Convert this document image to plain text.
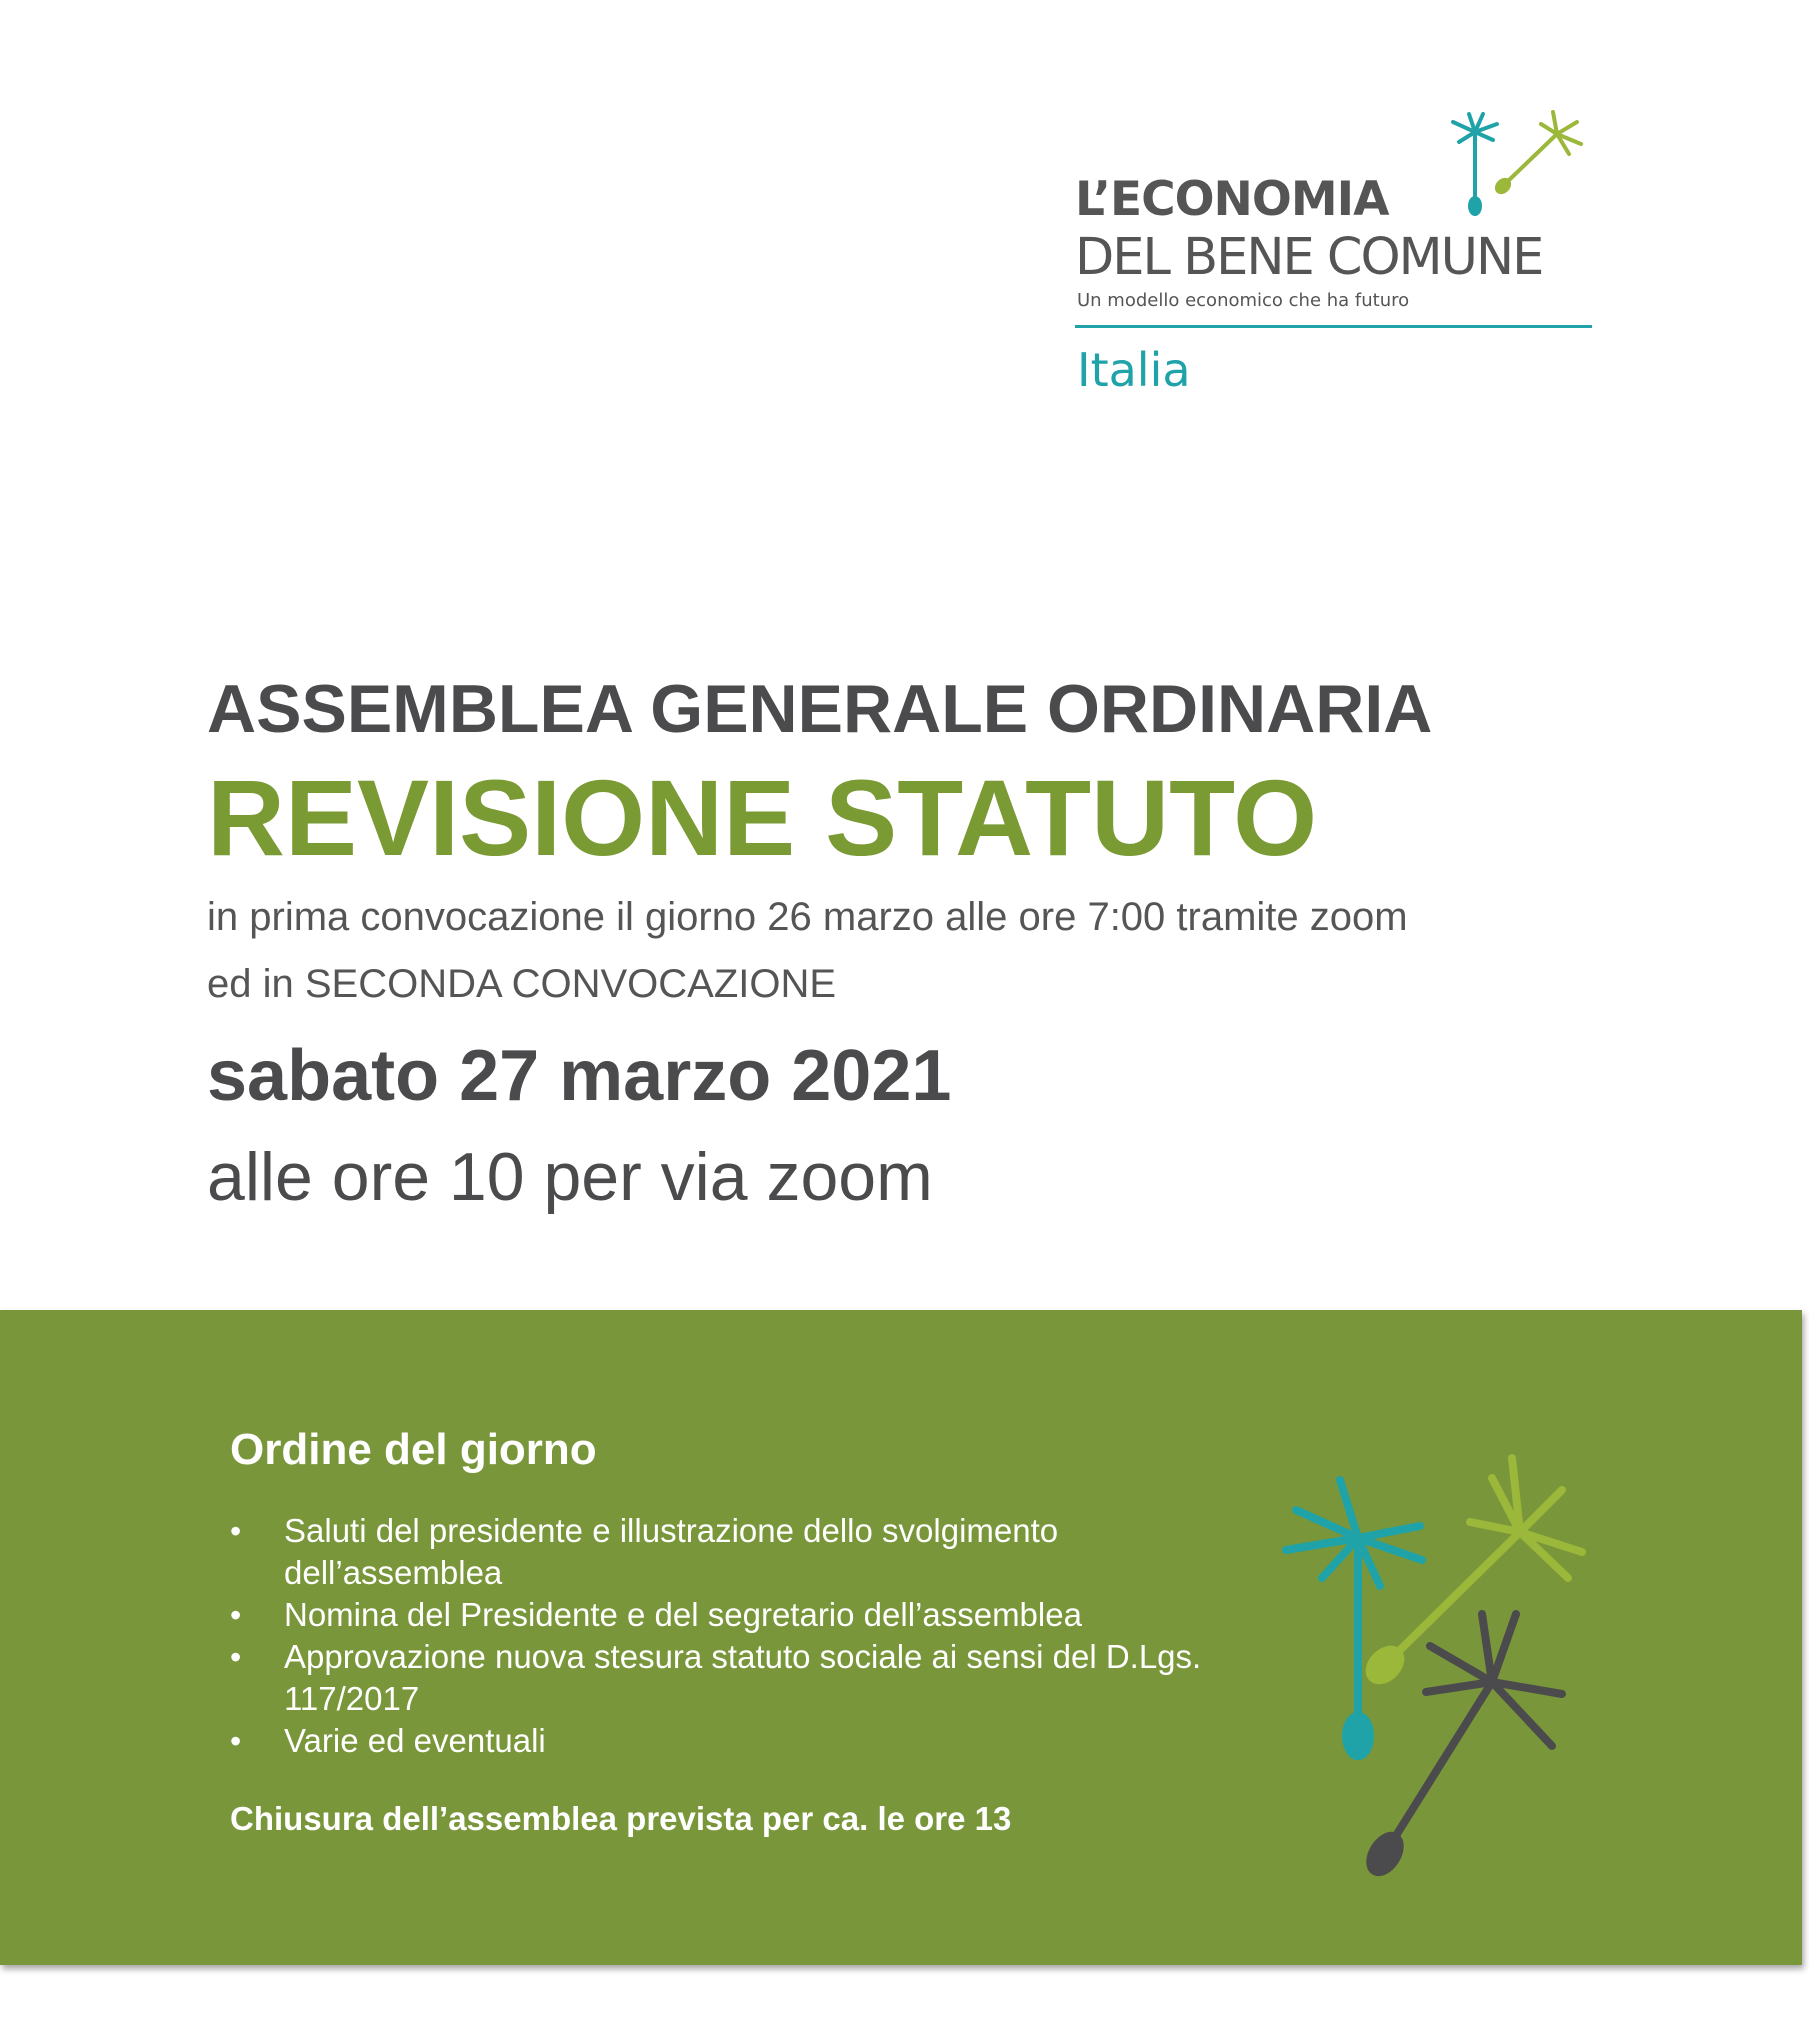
L’ECONOMIA
DEL BENE COMUNE
Un modello economico che ha futuro
Italia
ASSEMBLEA GENERALE ORDINARIA
REVISIONE STATUTO
in prima convocazione il giorno 26 marzo alle ore 7:00 tramite zoom
ed in SECONDA CONVOCAZIONE
sabato 27 marzo 2021
alle ore 10 per via zoom
Ordine del giorno
• Saluti del presidente e illustrazione dello svolgimento dell’assemblea
• Nomina del Presidente e del segretario dell’assemblea
• Approvazione nuova stesura statuto sociale ai sensi del D.Lgs. 117/2017
• Varie ed eventuali
Chiusura dell’assemblea prevista per ca. le ore 13
